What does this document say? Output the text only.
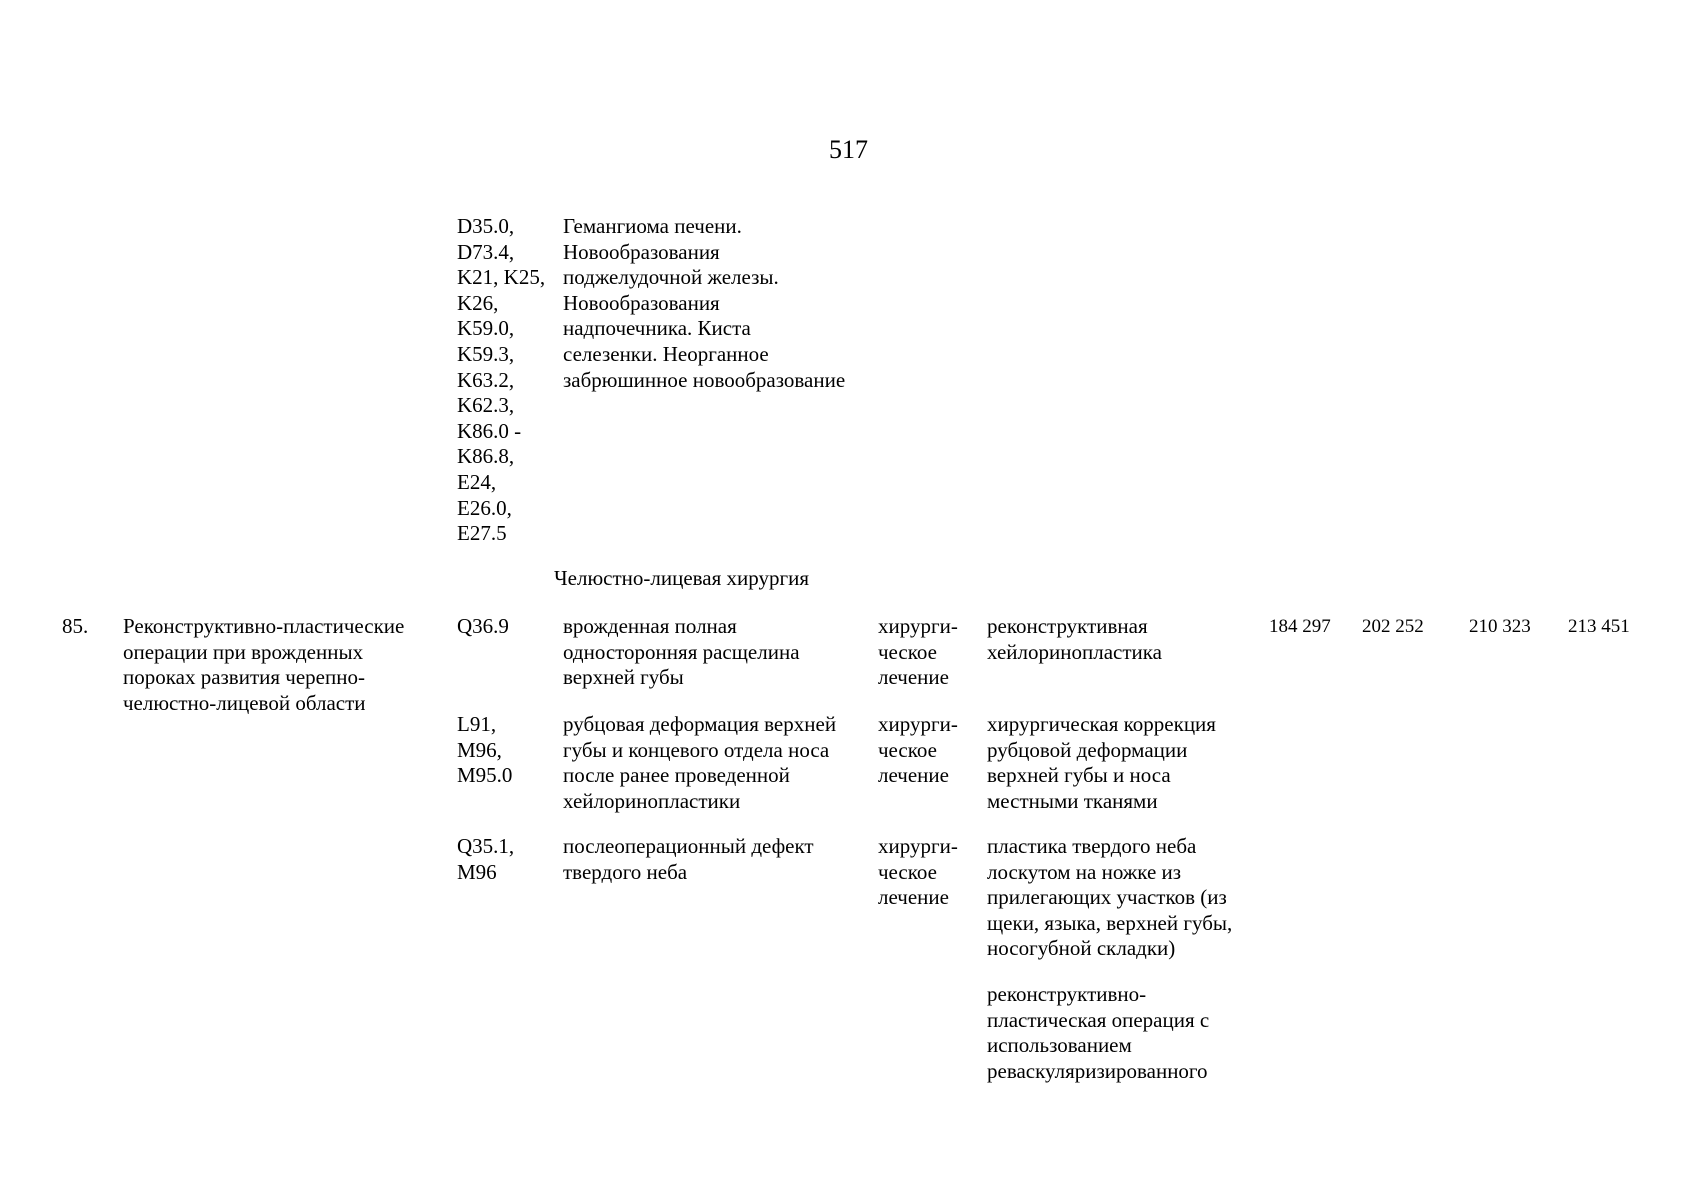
517
D35.0,
D73.4,
K21, K25,
K26,
K59.0,
K59.3,
K63.2,
K62.3,
K86.0 -
K86.8,
E24,
E26.0,
E27.5
Гемангиома печени.
Новообразования
поджелудочной железы.
Новообразования
надпочечника. Киста
селезенки. Неорганное
забрюшинное новообразование
Челюстно-лицевая хирургия
85. Реконструктивно-пластические
операции при врожденных
пороках развития черепно-
челюстно-лицевой области
184 297 202 252 210 323 213 451
Q36.9	врожденная полная
односторонняя расщелина
верхней губы
хирурги-
ческое
лечение
реконструктивная
хейлоринопластика
L91,
M96,
M95.0
рубцовая деформация верхней
губы и концевого отдела носа
после ранее проведенной
хейлоринопластики
хирурги-
ческое
лечение
хирургическая коррекция
рубцовой деформации
верхней губы и носа
местными тканями
Q35.1,
M96
послеоперационный дефект
твердого неба
хирурги-
ческое
лечение
пластика твердого неба
лоскутом на ножке из
прилегающих участков (из
щеки, языка, верхней губы,
носогубной складки)
реконструктивно-
пластическая операция с
использованием
реваскуляризированного
